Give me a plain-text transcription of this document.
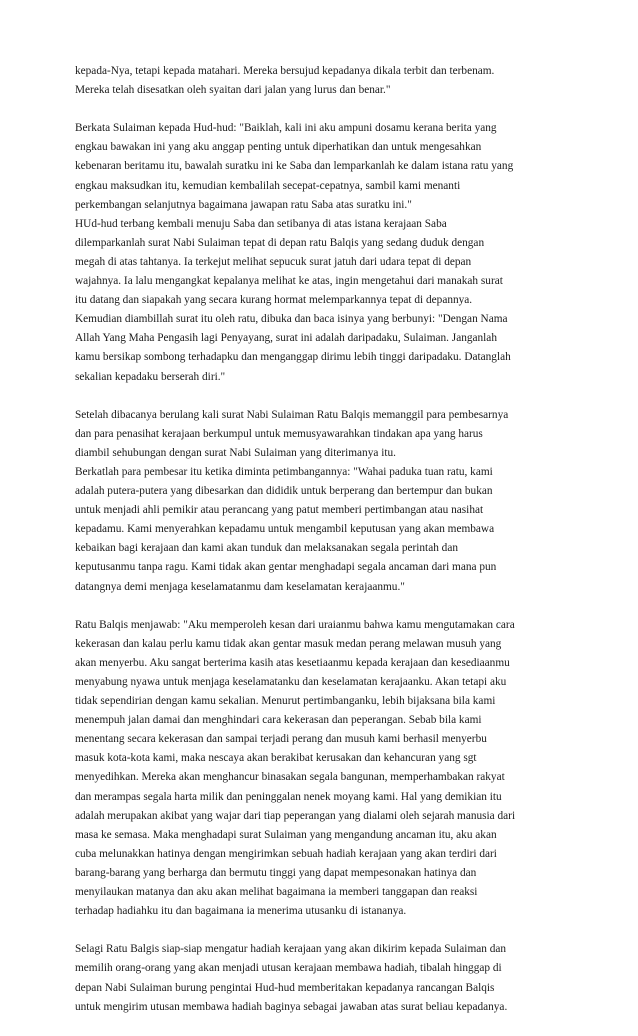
kepada-Nya, tetapi kepada matahari. Mereka bersujud kepadanya dikala terbit dan terbenam.
Mereka telah disesatkan oleh syaitan dari jalan yang lurus dan benar."
Berkata Sulaiman kepada Hud-hud: "Baiklah, kali ini aku ampuni dosamu kerana berita yang
engkau bawakan ini yang aku anggap penting untuk diperhatikan dan untuk mengesahkan
kebenaran beritamu itu, bawalah suratku ini ke Saba dan lemparkanlah ke dalam istana ratu yang
engkau maksudkan itu, kemudian kembalilah secepat-cepatnya, sambil kami menanti
perkembangan selanjutnya bagaimana jawapan ratu Saba atas suratku ini."
HUd-hud terbang kembali menuju Saba dan setibanya di atas istana kerajaan Saba
dilemparkanlah surat Nabi Sulaiman tepat di depan ratu Balqis yang sedang duduk dengan
megah di atas tahtanya. Ia terkejut melihat sepucuk surat jatuh dari udara tepat di depan
wajahnya. Ia lalu mengangkat kepalanya melihat ke atas, ingin mengetahui dari manakah surat
itu datang dan siapakah yang secara kurang hormat melemparkannya tepat di depannya.
Kemudian diambillah surat itu oleh ratu, dibuka dan baca isinya yang berbunyi: "Dengan Nama
Allah Yang Maha Pengasih lagi Penyayang, surat ini adalah daripadaku, Sulaiman. Janganlah
kamu bersikap sombong terhadapku dan menganggap dirimu lebih tinggi daripadaku. Datanglah
sekalian kepadaku berserah diri."
Setelah dibacanya berulang kali surat Nabi Sulaiman Ratu Balqis memanggil para pembesarnya
dan para penasihat kerajaan berkumpul untuk memusyawarahkan tindakan apa yang harus
diambil sehubungan dengan surat Nabi Sulaiman yang diterimanya itu.
Berkatlah para pembesar itu ketika diminta petimbangannya: "Wahai paduka tuan ratu, kami
adalah putera-putera yang dibesarkan dan dididik untuk berperang dan bertempur dan bukan
untuk menjadi ahli pemikir atau perancang yang patut memberi pertimbangan atau nasihat
kepadamu. Kami menyerahkan kepadamu untuk mengambil keputusan yang akan membawa
kebaikan bagi kerajaan dan kami akan tunduk dan melaksanakan segala perintah dan
keputusanmu tanpa ragu. Kami tidak akan gentar menghadapi segala ancaman dari mana pun
datangnya demi menjaga keselamatanmu dam keselamatan kerajaanmu."
Ratu Balqis menjawab: "Aku memperoleh kesan dari uraianmu bahwa kamu mengutamakan cara
kekerasan dan kalau perlu kamu tidak akan gentar masuk medan perang melawan musuh yang
akan menyerbu. Aku sangat berterima kasih atas kesetiaanmu kepada kerajaan dan kesediaanmu
menyabung nyawa untuk menjaga keselamatanku dan keselamatan kerajaanku. Akan tetapi aku
tidak sependirian dengan kamu sekalian. Menurut pertimbanganku, lebih bijaksana bila kami
menempuh jalan damai dan menghindari cara kekerasan dan peperangan. Sebab bila kami
menentang secara kekerasan dan sampai terjadi perang dan musuh kami berhasil menyerbu
masuk kota-kota kami, maka nescaya akan berakibat kerusakan dan kehancuran yang sgt
menyedihkan. Mereka akan menghancur binasakan segala bangunan, memperhambakan rakyat
dan merampas segala harta milik dan peninggalan nenek moyang kami. Hal yang demikian itu
adalah merupakan akibat yang wajar dari tiap peperangan yang dialami oleh sejarah manusia dari
masa ke semasa. Maka menghadapi surat Sulaiman yang mengandung ancaman itu, aku akan
cuba melunakkan hatinya dengan mengirimkan sebuah hadiah kerajaan yang akan terdiri dari
barang-barang yang berharga dan bermutu tinggi yang dapat mempesonakan hatinya dan
menyilaukan matanya dan aku akan melihat bagaimana ia memberi tanggapan dan reaksi
terhadap hadiahku itu dan bagaimana ia menerima utusanku di istananya.
Selagi Ratu Balgis siap-siap mengatur hadiah kerajaan yang akan dikirim kepada Sulaiman dan
memilih orang-orang yang akan menjadi utusan kerajaan membawa hadiah, tibalah hinggap di
depan Nabi Sulaiman burung pengintai Hud-hud memberitakan kepadanya rancangan Balqis
untuk mengirim utusan membawa hadiah baginya sebagai jawaban atas surat beliau kepadanya.
